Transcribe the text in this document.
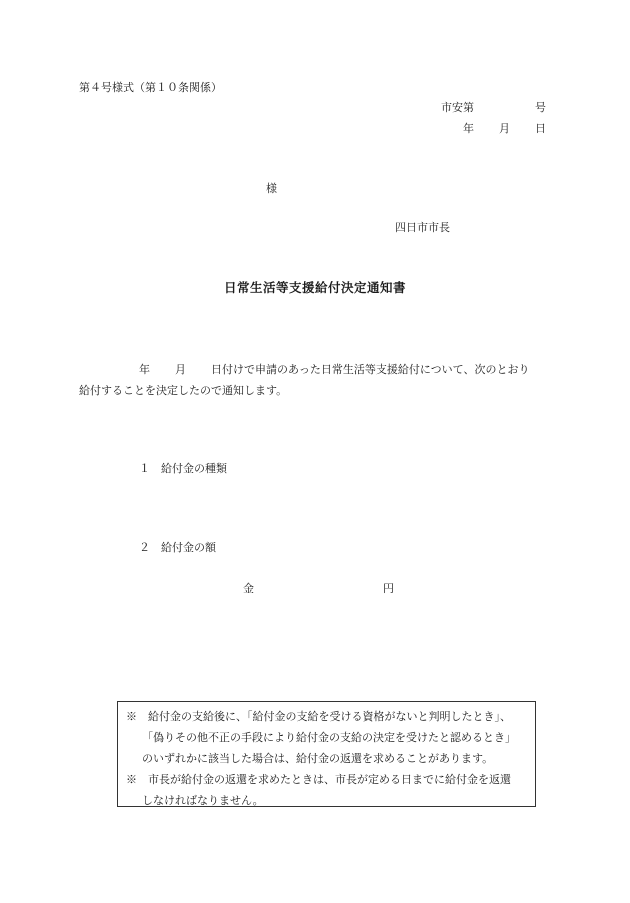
第４号様式（第１０条関係）
市安第	号
年 月 日
様
四日市市長
日常生活等支援給付決定通知書
年 月 日付けで申請のあった日常生活等支援給付について、次のとおり
給付することを決定したので通知します。
１　給付金の種類
２　給付金の額
金	円
※　給付金の支給後に、「給付金の支給を受ける資格がないと判明したとき」、
「偽りその他不正の手段により給付金の支給の決定を受けたと認めるとき」
のいずれかに該当した場合は、給付金の返還を求めることがあります。
※　市長が給付金の返還を求めたときは、市長が定める日までに給付金を返還
しなければなりません。
